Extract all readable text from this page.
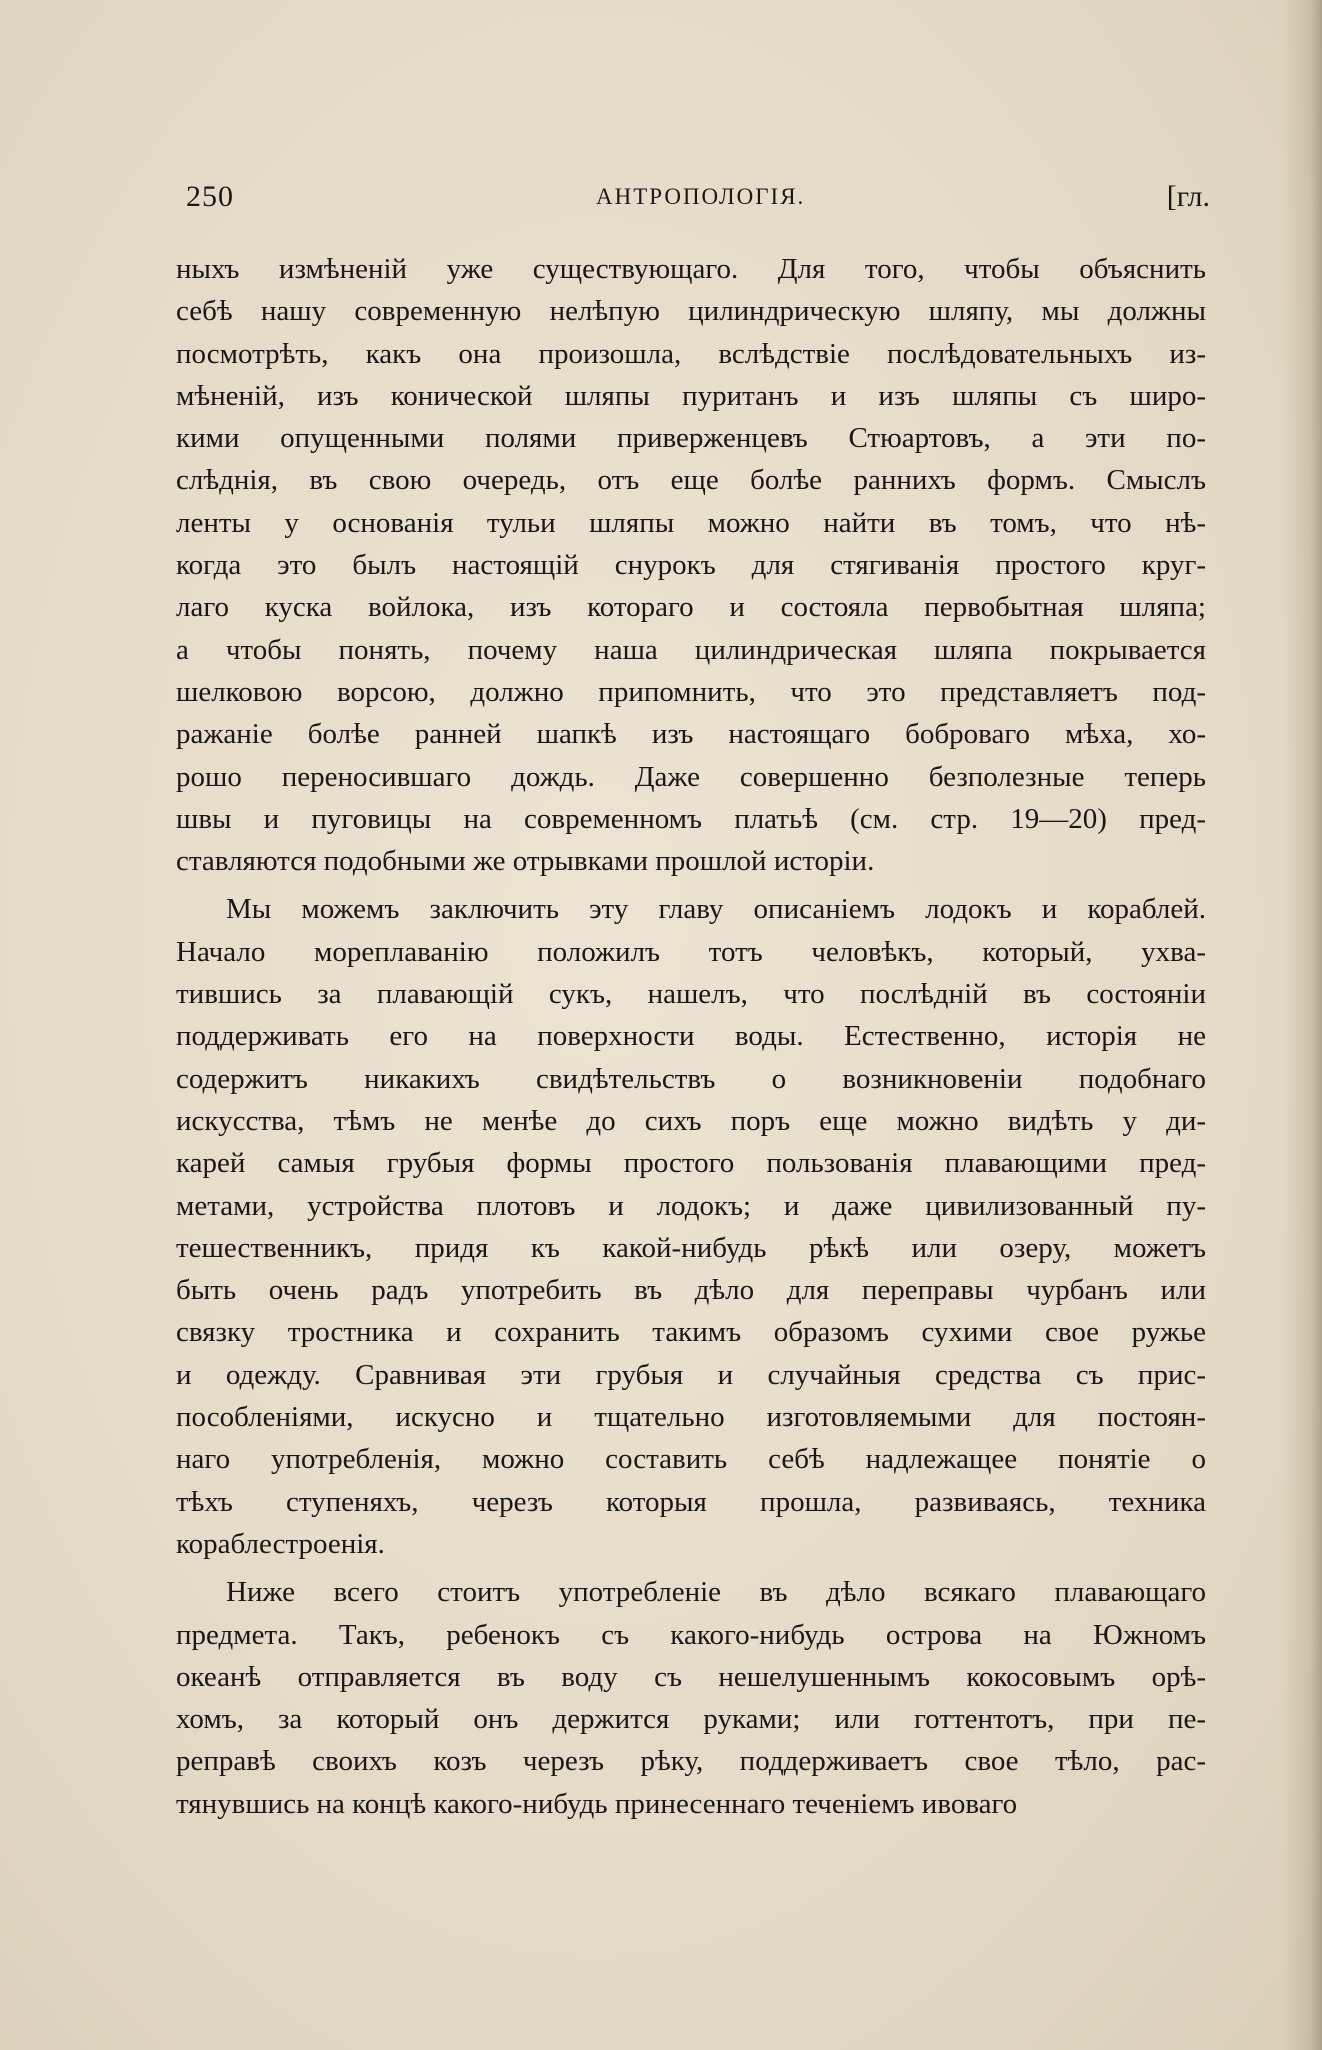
250	АНТРОПОЛОГІЯ.	[гл.
ныхъ измѣненій уже существующаго. Для того, чтобы объяснить
себѣ нашу современную нелѣпую цилиндрическую шляпу, мы должны
посмотрѣть, какъ она произошла, вслѣдствіе послѣдовательныхъ из-
мѣненій, изъ конической шляпы пуританъ и изъ шляпы съ широ-
кими опущенными полями приверженцевъ Стюартовъ, а эти по-
слѣднія, въ свою очередь, отъ еще болѣе раннихъ формъ. Смыслъ
ленты у основанія тульи шляпы можно найти въ томъ, что нѣ-
когда это былъ настоящій снурокъ для стягиванія простого круг-
лаго куска войлока, изъ котораго и состояла первобытная шляпа;
а чтобы понять, почему наша цилиндрическая шляпа покрывается
шелковою ворсою, должно припомнить, что это представляетъ под-
ражаніе болѣе ранней шапкѣ изъ настоящаго боброваго мѣха, хо-
рошо переносившаго дождь. Даже совершенно безполезные теперь
швы и пуговицы на современномъ платьѣ (см. стр. 19—20) пред-
ставляются подобными же отрывками прошлой исторіи.
Мы можемъ заключить эту главу описаніемъ лодокъ и кораблей.
Начало мореплаванію положилъ тотъ человѣкъ, который, ухва-
тившись за плавающій сукъ, нашелъ, что послѣдній въ состояніи
поддерживать его на поверхности воды. Естественно, исторія не
содержитъ никакихъ свидѣтельствъ о возникновеніи подобнаго
искусства, тѣмъ не менѣе до сихъ поръ еще можно видѣть у ди-
карей самыя грубыя формы простого пользованія плавающими пред-
метами, устройства плотовъ и лодокъ; и даже цивилизованный пу-
тешественникъ, придя къ какой-нибудь рѣкѣ или озеру, можетъ
быть очень радъ употребить въ дѣло для переправы чурбанъ или
связку тростника и сохранить такимъ образомъ сухими свое ружье
и одежду. Сравнивая эти грубыя и случайныя средства съ прис-
пособленіями, искусно и тщательно изготовляемыми для постоян-
наго употребленія, можно составить себѣ надлежащее понятіе о
тѣхъ ступеняхъ, черезъ которыя прошла, развиваясь, техника
кораблестроенія.
Ниже всего стоитъ употребленіе въ дѣло всякаго плавающаго
предмета. Такъ, ребенокъ съ какого-нибудь острова на Южномъ
океанѣ отправляется въ воду съ нешелушеннымъ кокосовымъ орѣ-
хомъ, за который онъ держится руками; или готтентотъ, при пе-
реправѣ своихъ козъ черезъ рѣку, поддерживаетъ свое тѣло, рас-
тянувшись на концѣ какого-нибудь принесеннаго теченіемъ ивоваго
